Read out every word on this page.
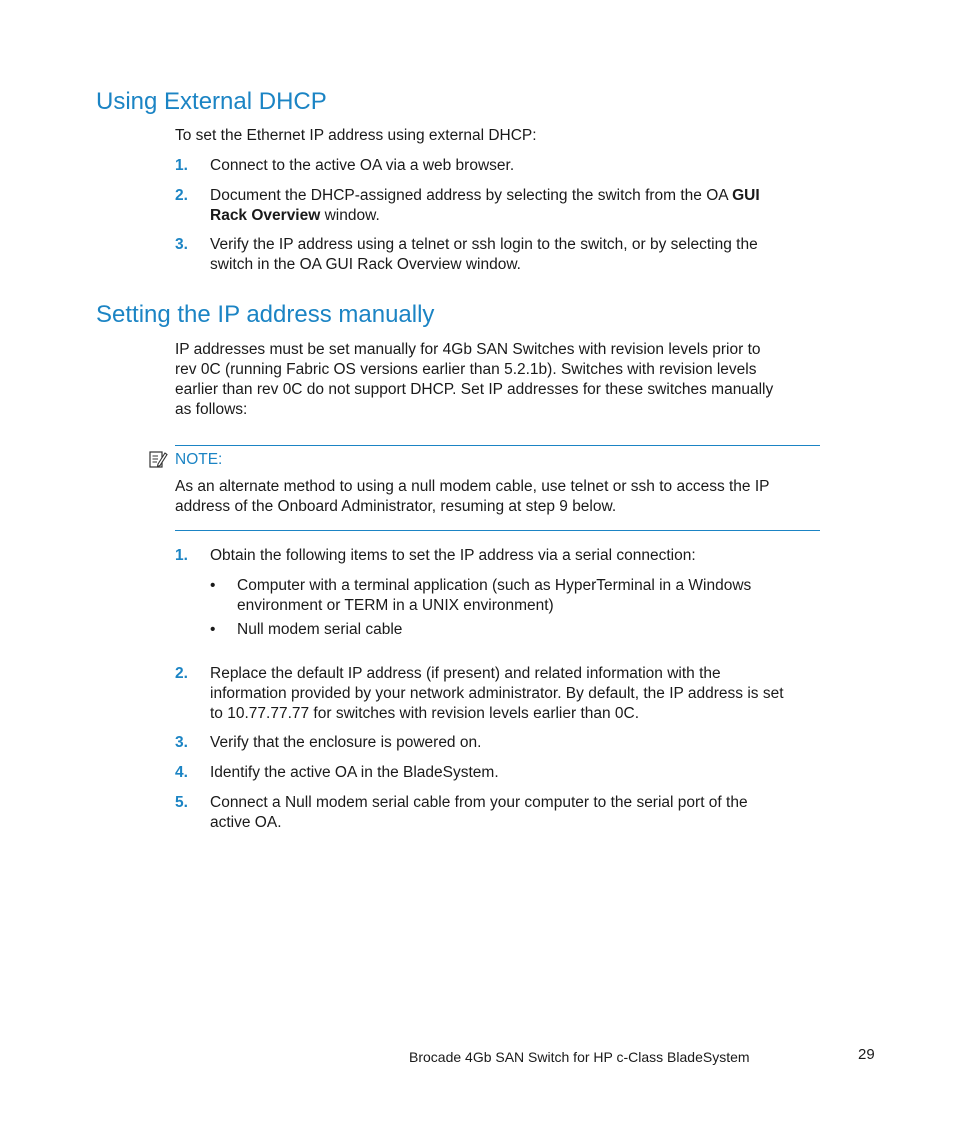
Using External DHCP

To set the Ethernet IP address using external DHCP:

1. Connect to the active OA via a web browser.
2. Document the DHCP-assigned address by selecting the switch from the OA GUI
Rack Overview window.
3. Verify the IP address using a telnet or ssh login to the switch, or by selecting the
switch in the OA GUI Rack Overview window.
Setting the IP address manually

IP addresses must be set manually for 4Gb SAN Switches with revision levels prior to
rev 0C (running Fabric OS versions earlier than 5.2.1b). Switches with revision levels
earlier than rev 0C do not support DHCP. Set IP addresses for these switches manually
as follows:

NOTE:

As an alternate method to using a null modem cable, use telnet or ssh to access the IP
address of the Onboard Administrator, resuming at step 9 below.

1. Obtain the following items to set the IP address via a serial connection:
• Computer with a terminal application (such as HyperTerminal in a Windows
environment or TERM in a UNIX environment)
• Null modem serial cable
2. Replace the default IP address (if present) and related information with the
information provided by your network administrator. By default, the IP address is set
to 10.77.77.77 for switches with revision levels earlier than 0C.
3. Verify that the enclosure is powered on.
4. Identify the active OA in the BladeSystem.
5. Connect a Null modem serial cable from your computer to the serial port of the
active OA.
Brocade 4Gb SAN Switch for HP c-Class BladeSystem	29
